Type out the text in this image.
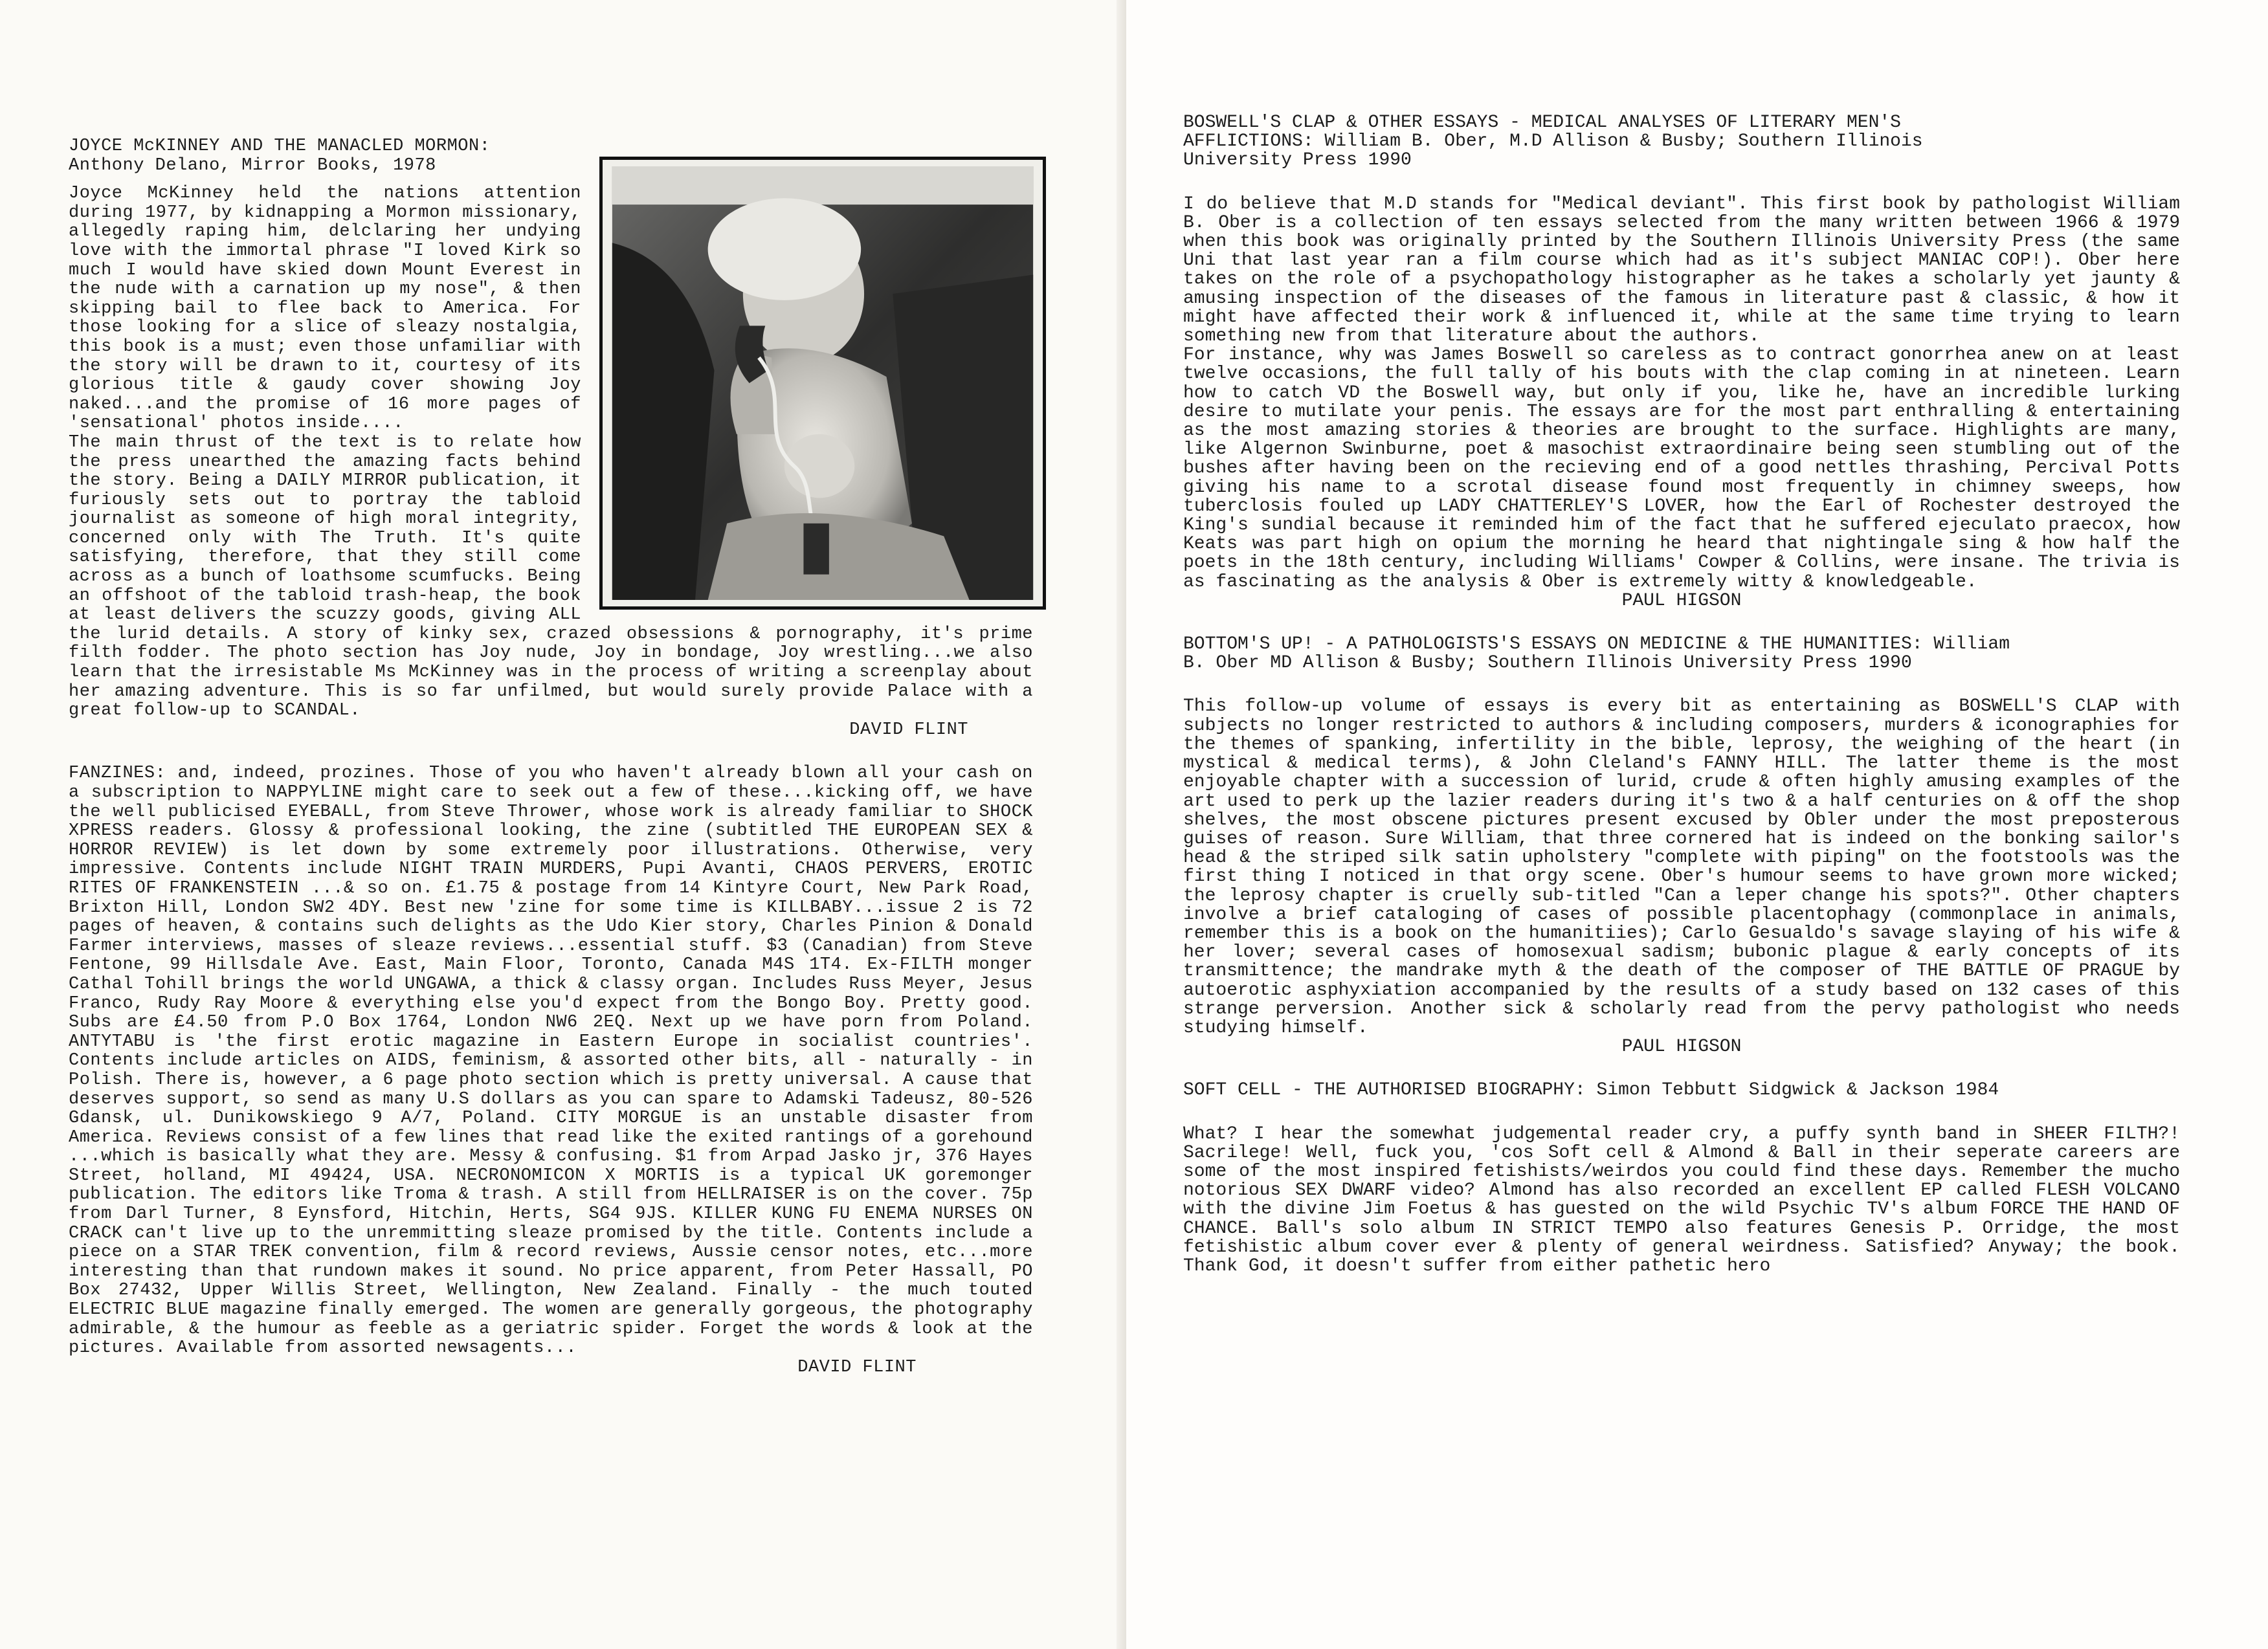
JOYCE McKINNEY AND THE MANACLED MORMON:

Anthony Delano, Mirror Books, 1978

Joyce McKinney held the nations attention during 1977, by kidnapping a Mormon missionary, allegedly raping him, delclaring her undying love with the immortal phrase "I loved Kirk so much I would have skied down Mount Everest in the nude with a carnation up my nose", & then skipping bail to flee back to America. For those looking for a slice of sleazy nostalgia, this book is a must; even those unfamiliar with the story will be drawn to it, courtesy of its glorious title & gaudy cover showing Joy naked...and the promise of 16 more pages of 'sensational' photos inside....
The main thrust of the text is to relate how the press unearthed the amazing facts behind the story. Being a DAILY MIRROR publication, it furiously sets out to portray the tabloid journalist as someone of high moral integrity, concerned only with The Truth. It's quite satisfying, therefore, that they still come across as a bunch of loathsome scumfucks. Being an offshoot of the tabloid trash-heap, the book at least delivers the scuzzy goods, giving ALL the lurid details. A story of kinky sex, crazed obsessions & pornography, it's prime filth fodder. The photo section has Joy nude, Joy in bondage, Joy wrestling...we also learn that the irresistable Ms McKinney was in the process of writing a screenplay about her amazing adventure. This is so far unfilmed, but would surely provide Palace with a great follow-up to SCANDAL.

DAVID FLINT

FANZINES: and, indeed, prozines. Those of you who haven't already blown all your cash on a subscription to NAPPYLINE might care to seek out a few of these...kicking off, we have the well publicised EYEBALL, from Steve Thrower, whose work is already familiar to SHOCK XPRESS readers. Glossy & professional looking, the zine (subtitled THE EUROPEAN SEX & HORROR REVIEW) is let down by some extremely poor illustrations. Otherwise, very impressive. Contents include NIGHT TRAIN MURDERS, Pupi Avanti, CHAOS PERVERS, EROTIC RITES OF FRANKENSTEIN ...& so on. £1.75 & postage from 14 Kintyre Court, New Park Road, Brixton Hill, London SW2 4DY. Best new 'zine for some time is KILLBABY...issue 2 is 72 pages of heaven, & contains such delights as the Udo Kier story, Charles Pinion & Donald Farmer interviews, masses of sleaze reviews...essential stuff. $3 (Canadian) from Steve Fentone, 99 Hillsdale Ave. East, Main Floor, Toronto, Canada M4S 1T4. Ex-FILTH monger Cathal Tohill brings the world UNGAWA, a thick & classy organ. Includes Russ Meyer, Jesus Franco, Rudy Ray Moore & everything else you'd expect from the Bongo Boy. Pretty good. Subs are £4.50 from P.O Box 1764, London NW6 2EQ. Next up we have porn from Poland. ANTYTABU is 'the first erotic magazine in Eastern Europe in socialist countries'. Contents include articles on AIDS, feminism, & assorted other bits, all - naturally - in Polish. There is, however, a 6 page photo section which is pretty universal. A cause that deserves support, so send as many U.S dollars as you can spare to Adamski Tadeusz, 80-526 Gdansk, ul. Dunikowskiego 9 A/7, Poland. CITY MORGUE is an unstable disaster from America. Reviews consist of a few lines that read like the exited rantings of a gorehound ...which is basically what they are. Messy & confusing. $1 from Arpad Jasko jr, 376 Hayes Street, holland, MI 49424, USA. NECRONOMICON X MORTIS is a typical UK goremonger publication. The editors like Troma & trash. A still from HELLRAISER is on the cover. 75p from Darl Turner, 8 Eynsford, Hitchin, Herts, SG4 9JS. KILLER KUNG FU ENEMA NURSES ON CRACK can't live up to the unremmitting sleaze promised by the title. Contents include a piece on a STAR TREK convention, film & record reviews, Aussie censor notes, etc...more interesting than that rundown makes it sound. No price apparent, from Peter Hassall, PO Box 27432, Upper Willis Street, Wellington, New Zealand. Finally - the much touted ELECTRIC BLUE magazine finally emerged. The women are generally gorgeous, the photography admirable, & the humour as feeble as a geriatric spider. Forget the words & look at the pictures. Available from assorted newsagents...

DAVID FLINT

BOSWELL'S CLAP & OTHER ESSAYS - MEDICAL ANALYSES OF LITERARY MEN'S
AFFLICTIONS: William B. Ober, M.D Allison & Busby; Southern Illinois
University Press 1990

I do believe that M.D stands for "Medical deviant". This first book by pathologist William B. Ober is a collection of ten essays selected from the many written between 1966 & 1979 when this book was originally printed by the Southern Illinois University Press (the same Uni that last year ran a film course which had as it's subject MANIAC COP!). Ober here takes on the role of a psychopathology histographer as he takes a scholarly yet jaunty & amusing inspection of the diseases of the famous in literature past & classic, & how it might have affected their work & influenced it, while at the same time trying to learn something new from that literature about the authors.
For instance, why was James Boswell so careless as to contract gonorrhea anew on at least twelve occasions, the full tally of his bouts with the clap coming in at nineteen. Learn how to catch VD the Boswell way, but only if you, like he, have an incredible lurking desire to mutilate your penis. The essays are for the most part enthralling & entertaining as the most amazing stories & theories are brought to the surface. Highlights are many, like Algernon Swinburne, poet & masochist extraordinaire being seen stumbling out of the bushes after having been on the recieving end of a good nettles thrashing, Percival Potts giving his name to a scrotal disease found most frequently in chimney sweeps, how tuberclosis fouled up LADY CHATTERLEY'S LOVER, how the Earl of Rochester destroyed the King's sundial because it reminded him of the fact that he suffered ejeculato praecox, how Keats was part high on opium the morning he heard that nightingale sing & how half the poets in the 18th century, including Williams' Cowper & Collins, were insane. The trivia is as fascinating as the analysis & Ober is extremely witty & knowledgeable.

PAUL HIGSON

BOTTOM'S UP! - A PATHOLOGISTS'S ESSAYS ON MEDICINE & THE HUMANITIES: William
B. Ober MD Allison & Busby; Southern Illinois University Press 1990

This follow-up volume of essays is every bit as entertaining as BOSWELL'S CLAP with subjects no longer restricted to authors & including composers, murders & iconographies for the themes of spanking, infertility in the bible, leprosy, the weighing of the heart (in mystical & medical terms), & John Cleland's FANNY HILL. The latter theme is the most enjoyable chapter with a succession of lurid, crude & often highly amusing examples of the art used to perk up the lazier readers during it's two & a half centuries on & off the shop shelves, the most obscene pictures present excused by Obler under the most preposterous guises of reason. Sure William, that three cornered hat is indeed on the bonking sailor's head & the striped silk satin upholstery "complete with piping" on the footstools was the first thing I noticed in that orgy scene. Ober's humour seems to have grown more wicked; the leprosy chapter is cruelly sub-titled "Can a leper change his spots?". Other chapters involve a brief cataloging of cases of possible placentophagy (commonplace in animals, remember this is a book on the humanitiies); Carlo Gesualdo's savage slaying of his wife & her lover; several cases of homosexual sadism; bubonic plague & early concepts of its transmittence; the mandrake myth & the death of the composer of THE BATTLE OF PRAGUE by autoerotic asphyxiation accompanied by the results of a study based on 132 cases of this strange perversion. Another sick & scholarly read from the pervy pathologist who needs studying himself.

PAUL HIGSON

SOFT CELL - THE AUTHORISED BIOGRAPHY: Simon Tebbutt Sidgwick & Jackson 1984

What? I hear the somewhat judgemental reader cry, a puffy synth band in SHEER FILTH?! Sacrilege! Well, fuck you, 'cos Soft cell & Almond & Ball in their seperate careers are some of the most inspired fetishists/weirdos you could find these days. Remember the mucho notorious SEX DWARF video? Almond has also recorded an excellent EP called FLESH VOLCANO with the divine Jim Foetus & has guested on the wild Psychic TV's album FORCE THE HAND OF CHANCE. Ball's solo album IN STRICT TEMPO also features Genesis P. Orridge, the most fetishistic album cover ever & plenty of general weirdness. Satisfied? Anyway; the book. Thank God, it doesn't suffer from either pathetic hero
